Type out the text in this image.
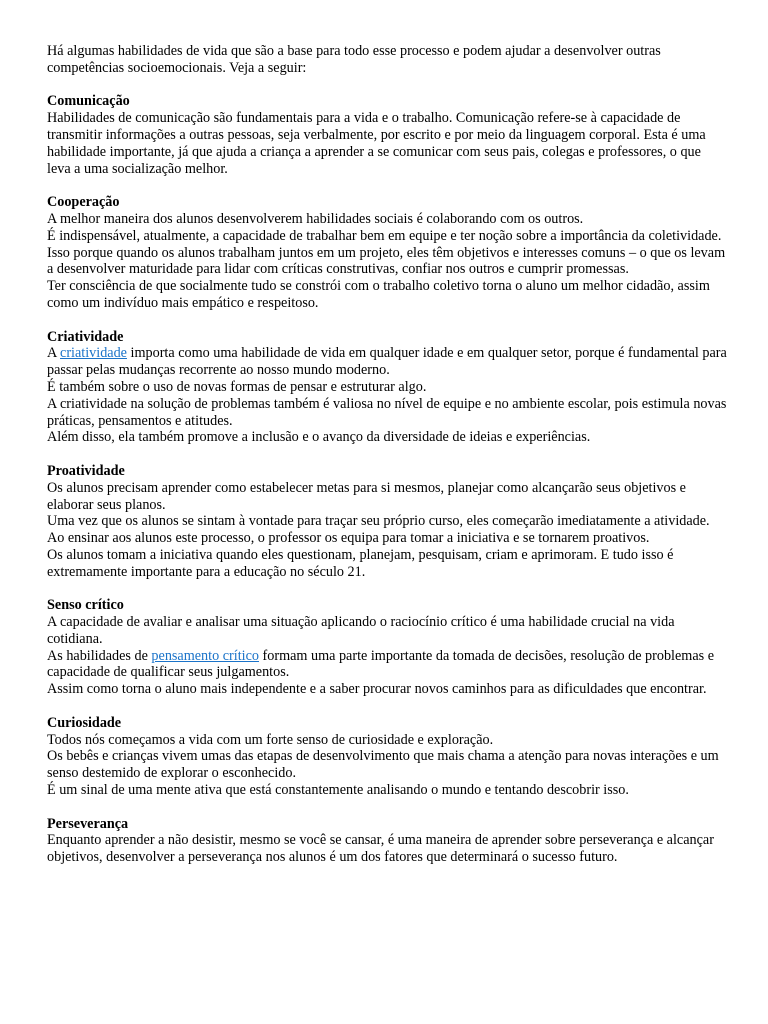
Há algumas habilidades de vida que são a base para todo esse processo e podem ajudar a desenvolver outras competências socioemocionais. Veja a seguir:

Comunicação

Habilidades de comunicação são fundamentais para a vida e o trabalho. Comunicação refere-se à capacidade de transmitir informações a outras pessoas, seja verbalmente, por escrito e por meio da linguagem corporal. Esta é uma habilidade importante, já que ajuda a criança a aprender a se comunicar com seus pais, colegas e professores, o que leva a uma socialização melhor.

Cooperação

A melhor maneira dos alunos desenvolverem habilidades sociais é colaborando com os outros.

É indispensável, atualmente, a capacidade de trabalhar bem em equipe e ter noção sobre a importância da coletividade.

Isso porque quando os alunos trabalham juntos em um projeto, eles têm objetivos e interesses comuns – o que os levam a desenvolver maturidade para lidar com críticas construtivas, confiar nos outros e cumprir promessas.

Ter consciência de que socialmente tudo se constrói com o trabalho coletivo torna o aluno um melhor cidadão, assim como um indivíduo mais empático e respeitoso.

Criatividade

A criatividade importa como uma habilidade de vida em qualquer idade e em qualquer setor, porque é fundamental para passar pelas mudanças recorrente ao nosso mundo moderno.

É também sobre o uso de novas formas de pensar e estruturar algo.

A criatividade na solução de problemas também é valiosa no nível de equipe e no ambiente escolar, pois estimula novas práticas, pensamentos e atitudes.

Além disso, ela também promove a inclusão e o avanço da diversidade de ideias e experiências.

Proatividade

Os alunos precisam aprender como estabelecer metas para si mesmos, planejar como alcançarão seus objetivos e elaborar seus planos.

Uma vez que os alunos se sintam à vontade para traçar seu próprio curso, eles começarão imediatamente a atividade.

Ao ensinar aos alunos este processo, o professor os equipa para tomar a iniciativa e se tornarem proativos.

Os alunos tomam a iniciativa quando eles questionam, planejam, pesquisam, criam e aprimoram. E tudo isso é extremamente importante para a educação no século 21.

Senso crítico

A capacidade de avaliar e analisar uma situação aplicando o raciocínio crítico é uma habilidade crucial na vida cotidiana.

As habilidades de pensamento crítico formam uma parte importante da tomada de decisões, resolução de problemas e capacidade de qualificar seus julgamentos.

Assim como torna o aluno mais independente e a saber procurar novos caminhos para as dificuldades que encontrar.

Curiosidade

Todos nós começamos a vida com um forte senso de curiosidade e exploração.

Os bebês e crianças vivem umas das etapas de desenvolvimento que mais chama a atenção para novas interações e um senso destemido de explorar o esconhecido.

É um sinal de uma mente ativa que está constantemente analisando o mundo e tentando descobrir isso.

Perseverança

Enquanto aprender a não desistir, mesmo se você se cansar, é uma maneira de aprender sobre perseverança e alcançar objetivos, desenvolver a perseverança nos alunos é um dos fatores que determinará o sucesso futuro.
